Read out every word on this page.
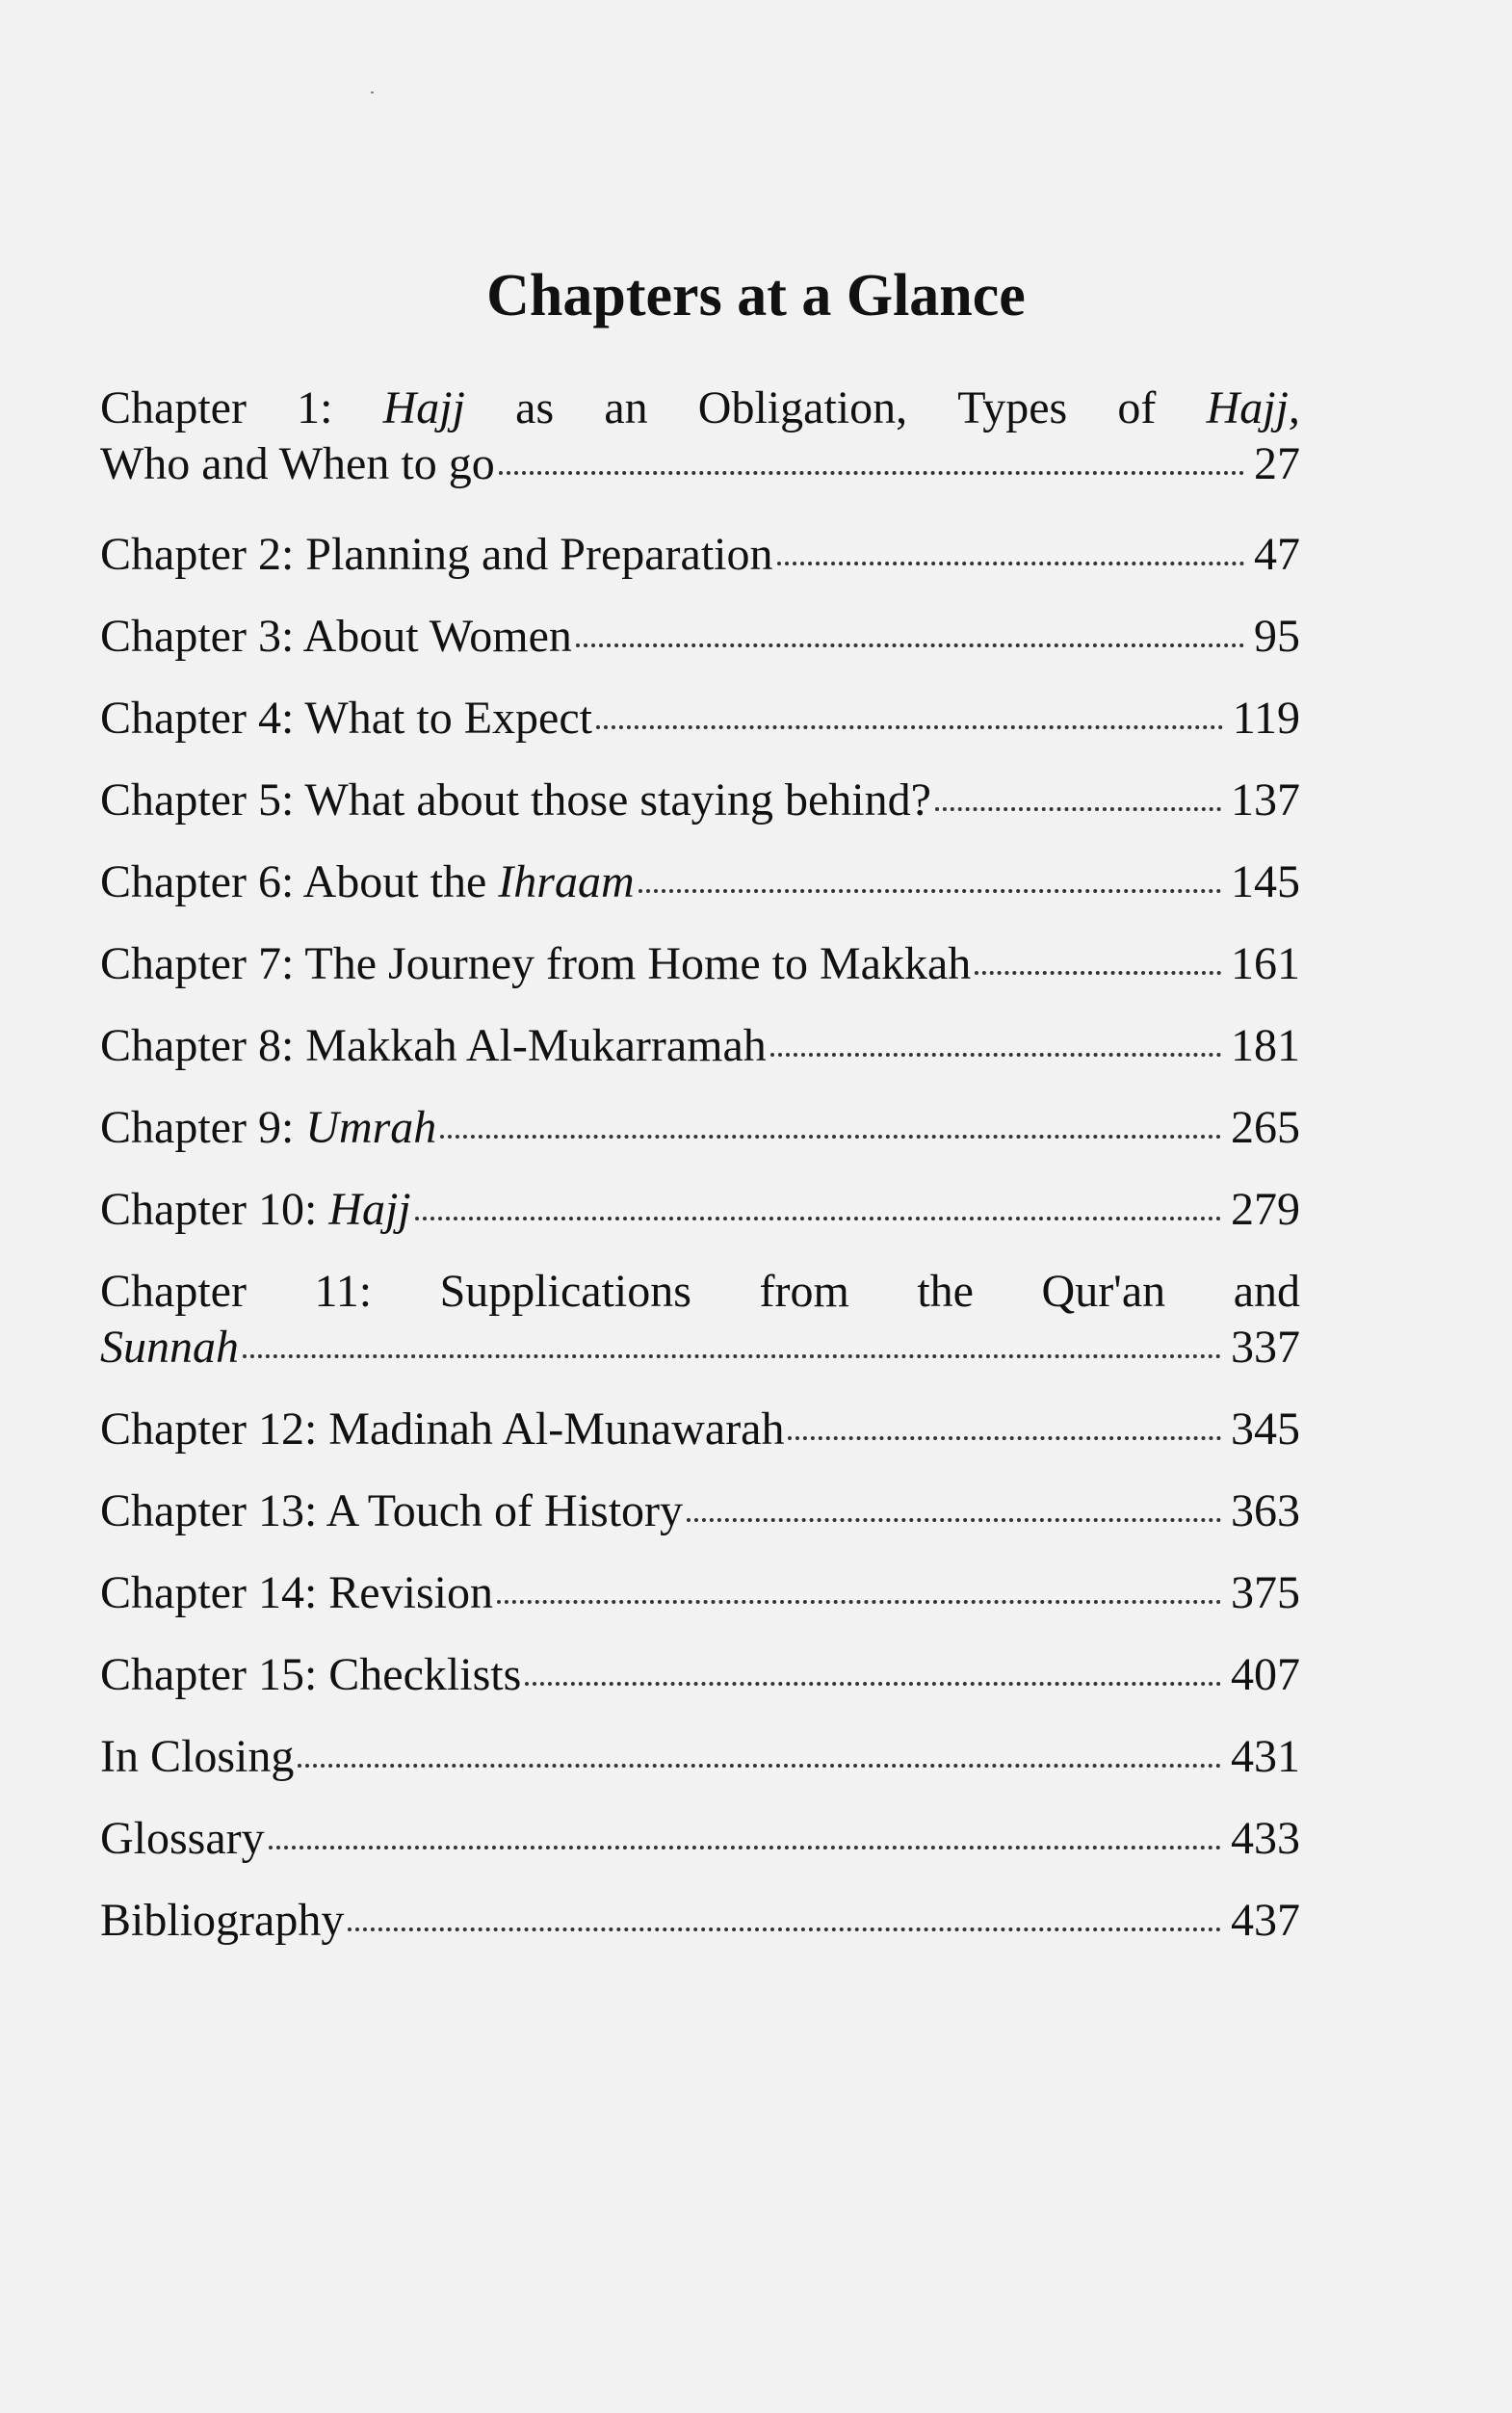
Chapters at a Glance
Chapter 1: Hajj as an Obligation, Types of Hajj,
Who and When to go	27
Chapter 2: Planning and Preparation	47
Chapter 3: About Women	95
Chapter 4: What to Expect	119
Chapter 5: What about those staying behind?	137
Chapter 6: About the Ihraam	145
Chapter 7: The Journey from Home to Makkah	161
Chapter 8: Makkah Al-Mukarramah	181
Chapter 9: Umrah	265
Chapter 10: Hajj	279
Chapter 11: Supplications from the Qur'an and
Sunnah	337
Chapter 12: Madinah Al-Munawarah	345
Chapter 13: A Touch of History	363
Chapter 14: Revision	375
Chapter 15: Checklists	407
In Closing	431
Glossary	433
Bibliography	437
